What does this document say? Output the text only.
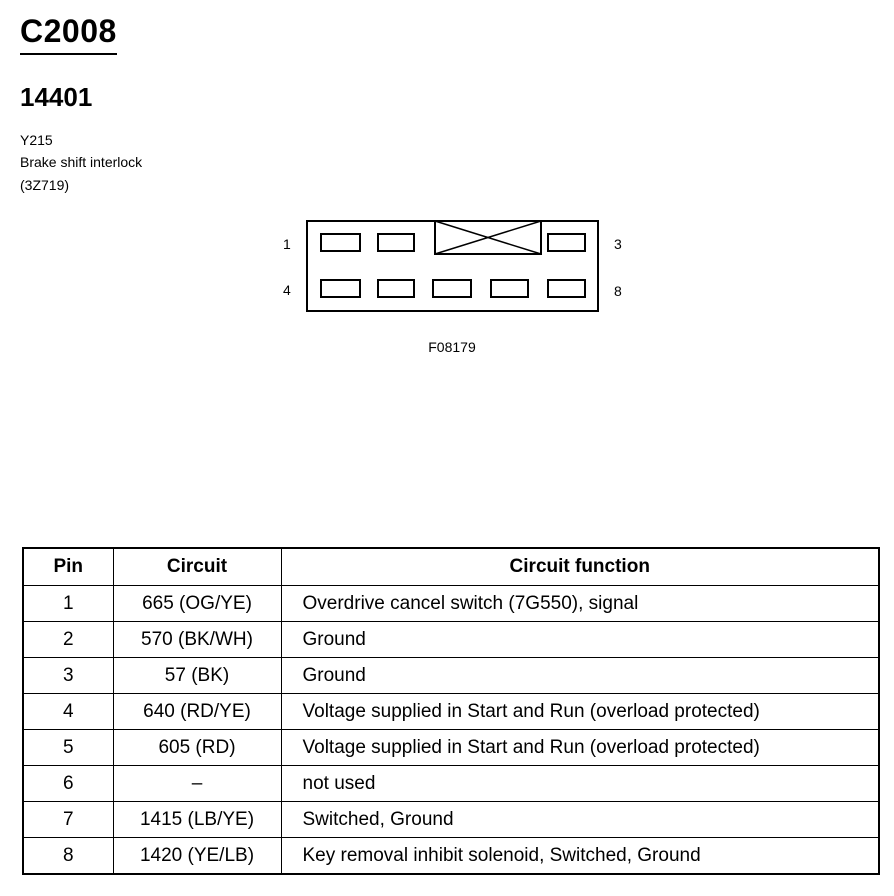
C2008
14401
Y215
Brake shift interlock
(3Z719)
1	3
4	8
F08179
Pin	Circuit	Circuit function
1	665 (OG/YE)	Overdrive cancel switch (7G550), signal
2	570 (BK/WH)	Ground
3	57 (BK)	Ground
4	640 (RD/YE)	Voltage supplied in Start and Run (overload protected)
5	605 (RD)	Voltage supplied in Start and Run (overload protected)
6	–	not used
7	1415 (LB/YE)	Switched, Ground
8	1420 (YE/LB)	Key removal inhibit solenoid, Switched, Ground
